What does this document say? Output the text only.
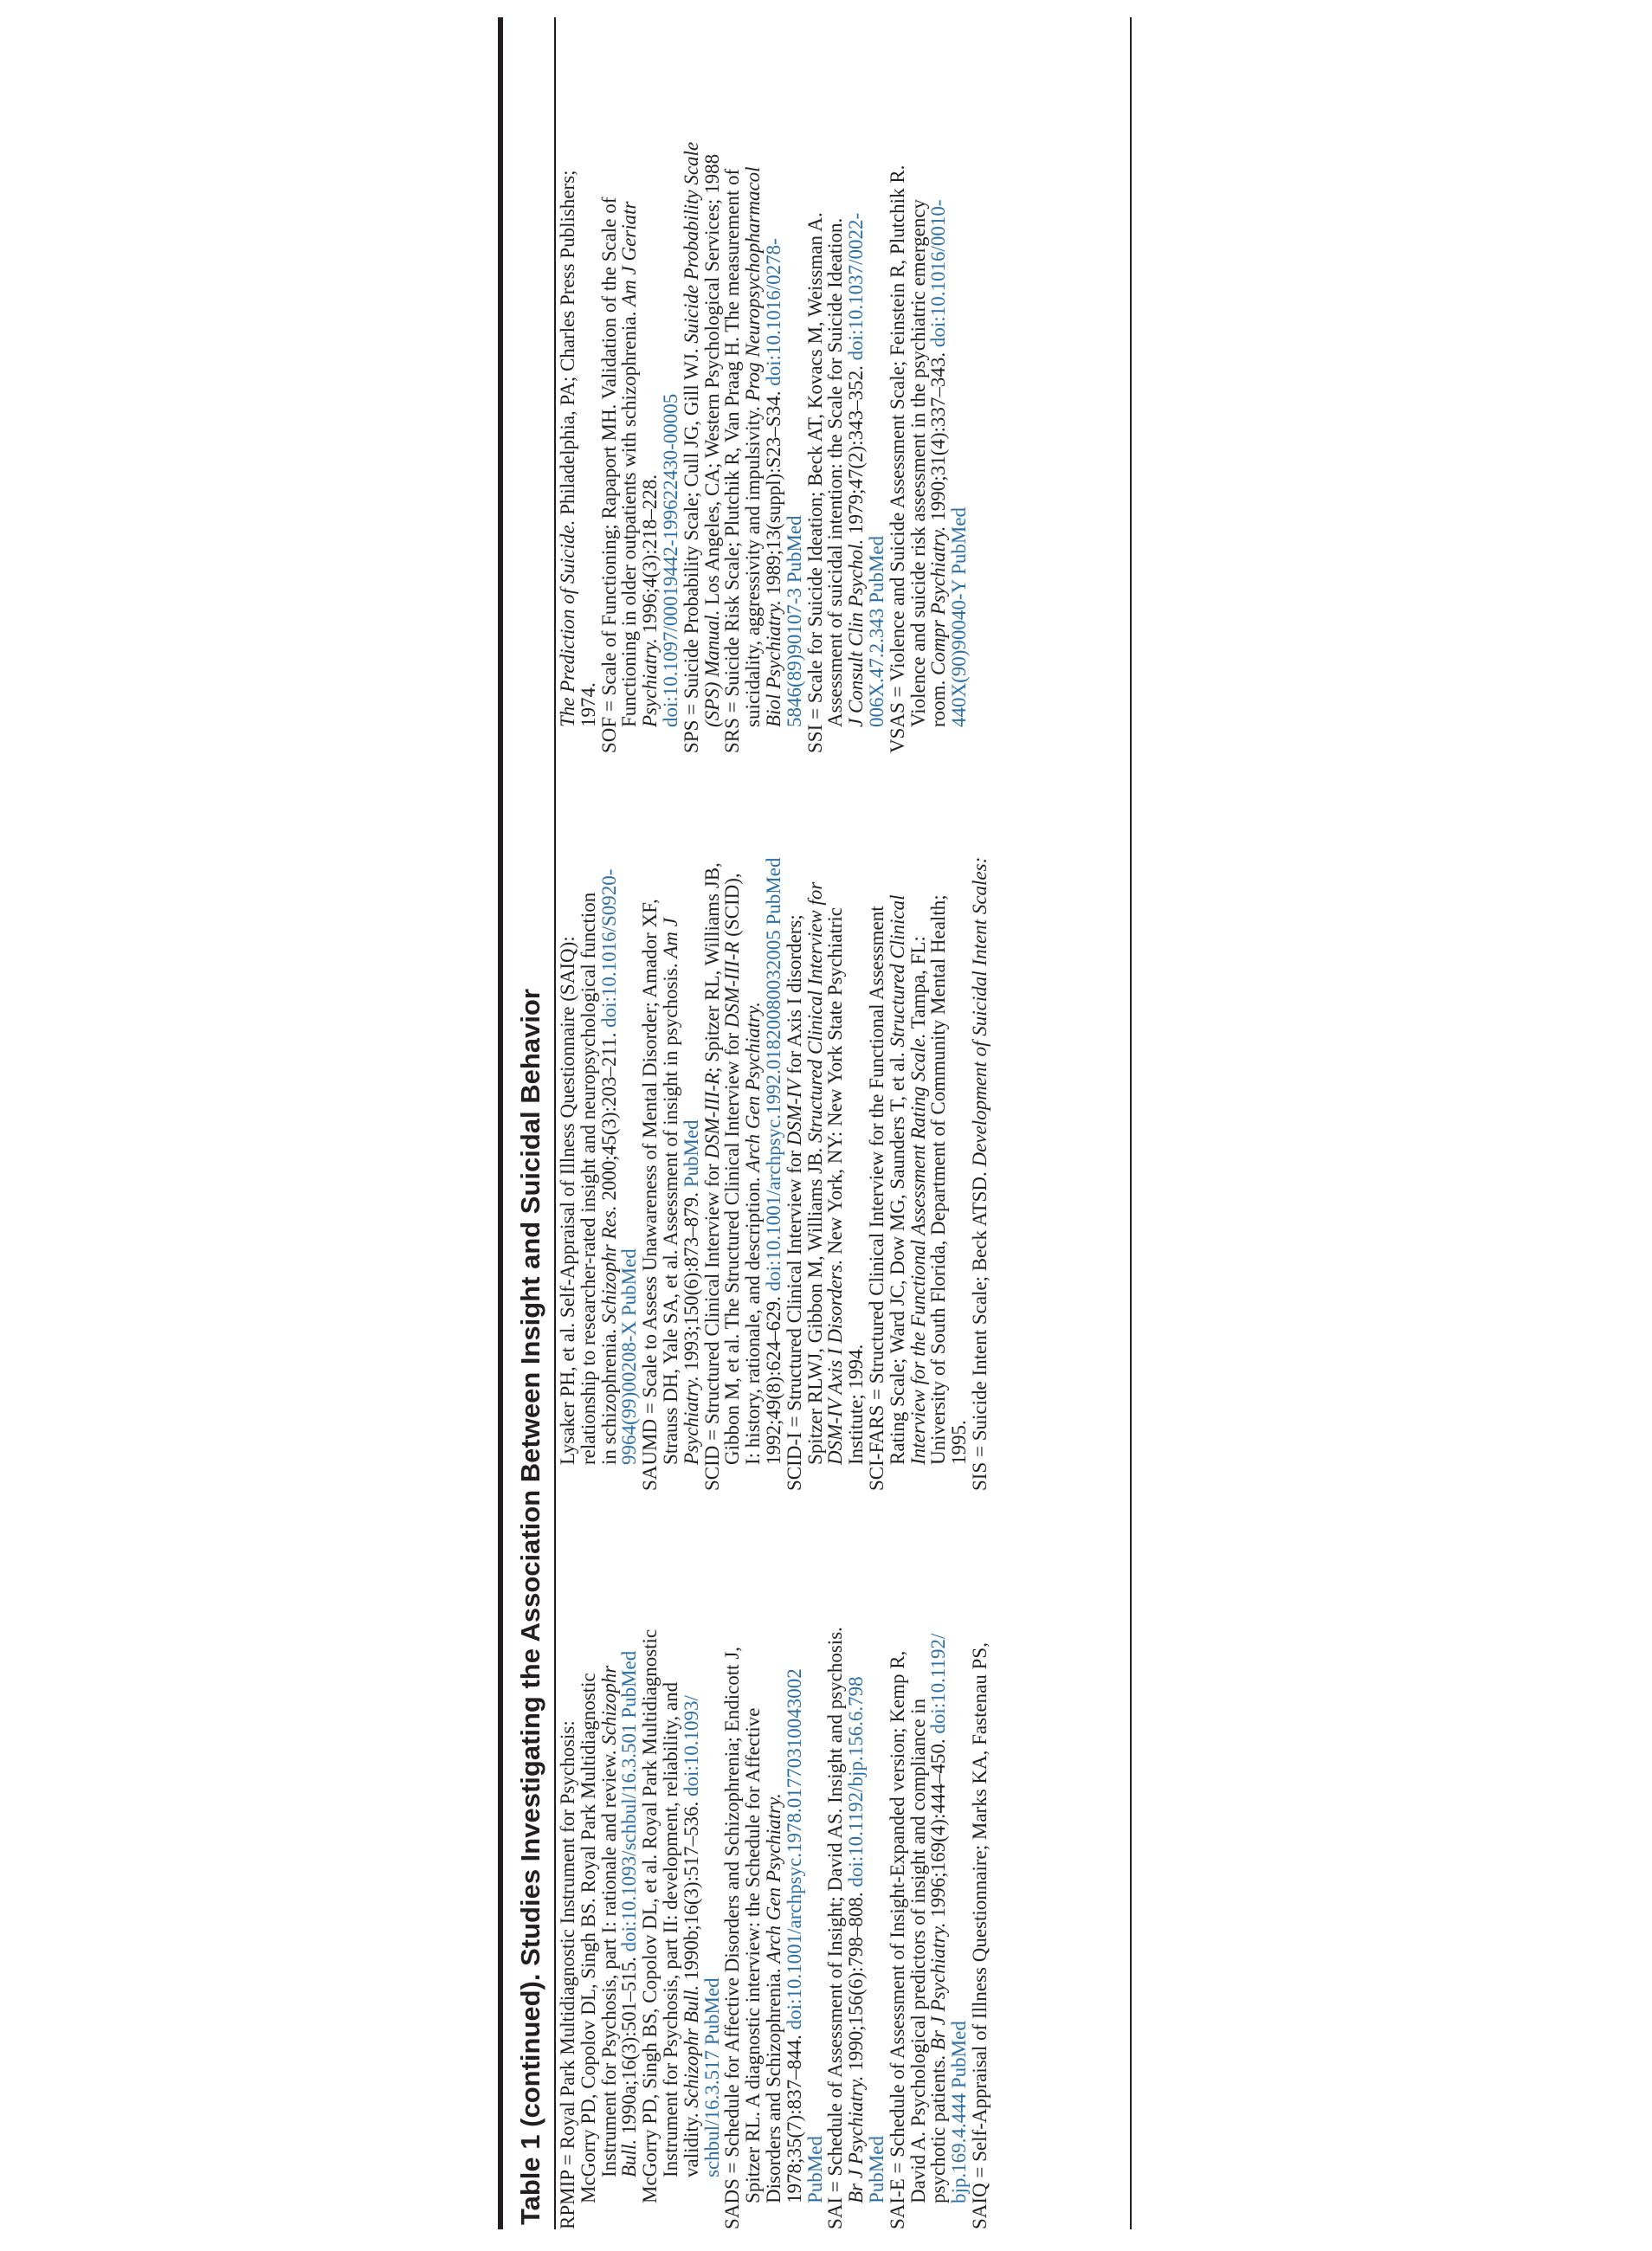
Table 1 (continued). Studies Investigating the Association Between Insight and Suicidal Behavior RPMIP = Royal Park Multidiagnostic Instrument for Psychosis:
McGorry PD, Copolov DL, Singh BS. Royal Park Multidiagnostic
Instrument for Psychosis, part I: rationale and review. Schizophr
Bull. 1990a;16(3):501–515. doi:10.1093/schbul/16.3.501 PubMed
McGorry PD, Singh BS, Copolov DL, et al. Royal Park Multidiagnostic
Instrument for Psychosis, part II: development, reliability, and
validity. Schizophr Bull. 1990b;16(3):517–536. doi:10.1093/
schbul/16.3.517 PubMed
SADS = Schedule for Affective Disorders and Schizophrenia; Endicott J,
Spitzer RL. A diagnostic interview: the Schedule for Affective
Disorders and Schizophrenia. Arch Gen Psychiatry.
1978;35(7):837–844. doi:10.1001/archpsyc.1978.01770310043002
PubMed
SAI = Schedule of Assessment of Insight; David AS. Insight and psychosis.
Br J Psychiatry. 1990;156(6):798–808. doi:10.1192/bjp.156.6.798
PubMed
SAI-E = Schedule of Assessment of Insight-Expanded version; Kemp R,
David A. Psychological predictors of insight and compliance in
psychotic patients. Br J Psychiatry. 1996;169(4):444–450. doi:10.1192/
bjp.169.4.444 PubMed
SAIQ = Self-Appraisal of Illness Questionnaire; Marks KA, Fastenau PS,
Lysaker PH, et al. Self-Appraisal of Illness Questionnaire (SAIQ):
relationship to researcher-rated insight and neuropsychological function
in schizophrenia. Schizophr Res. 2000;45(3):203–211. doi:10.1016/S0920-
9964(99)00208-X PubMed
SAUMD = Scale to Assess Unawareness of Mental Disorder; Amador XF,
Strauss DH, Yale SA, et al. Assessment of insight in psychosis. Am J
Psychiatry. 1993;150(6):873–879. PubMed
SCID = Structured Clinical Interview for DSM-III-R; Spitzer RL, Williams JB,
Gibbon M, et al. The Structured Clinical Interview for DSM-III-R (SCID),
I: history, rationale, and description. Arch Gen Psychiatry.
1992;49(8):624–629. doi:10.1001/archpsyc.1992.01820080032005 PubMed
SCID-I = Structured Clinical Interview for DSM-IV for Axis I disorders;
Spitzer RLWJ, Gibbon M, Williams JB. Structured Clinical Interview for
DSM-IV Axis I Disorders. New York, NY: New York State Psychiatric
Institute; 1994.
SCI-FARS = Structured Clinical Interview for the Functional Assessment
Rating Scale; Ward JC, Dow MG, Saunders T, et al. Structured Clinical
Interview for the Functional Assessment Rating Scale. Tampa, FL:
University of South Florida, Department of Community Mental Health;
1995.
SIS = Suicide Intent Scale; Beck ATSD. Development of Suicidal Intent Scales:
The Prediction of Suicide. Philadelphia, PA; Charles Press Publishers;
1974.
SOF = Scale of Functioning; Rapaport MH. Validation of the Scale of
Functioning in older outpatients with schizophrenia. Am J Geriatr
Psychiatry. 1996;4(3):218–228.
doi:10.1097/00019442-199622430-00005
SPS = Suicide Probability Scale; Cull JG, Gill WJ. Suicide Probability Scale
(SPS) Manual. Los Angeles, CA; Western Psychological Services; 1988
SRS = Suicide Risk Scale; Plutchik R, Van Praag H. The measurement of
suicidality, aggressivity and impulsivity. Prog Neuropsychopharmacol
Biol Psychiatry. 1989;13(suppl):S23–S34. doi:10.1016/0278-
5846(89)90107-3 PubMed
SSI = Scale for Suicide Ideation; Beck AT, Kovacs M, Weissman A.
Assessment of suicidal intention: the Scale for Suicide Ideation.
J Consult Clin Psychol. 1979;47(2):343–352. doi:10.1037/0022-
006X.47.2.343 PubMed
VSAS = Violence and Suicide Assessment Scale; Feinstein R, Plutchik R.
Violence and suicide risk assessment in the psychiatric emergency
room. Compr Psychiatry. 1990;31(4):337–343. doi:10.1016/0010-
440X(90)90040-Y PubMed
